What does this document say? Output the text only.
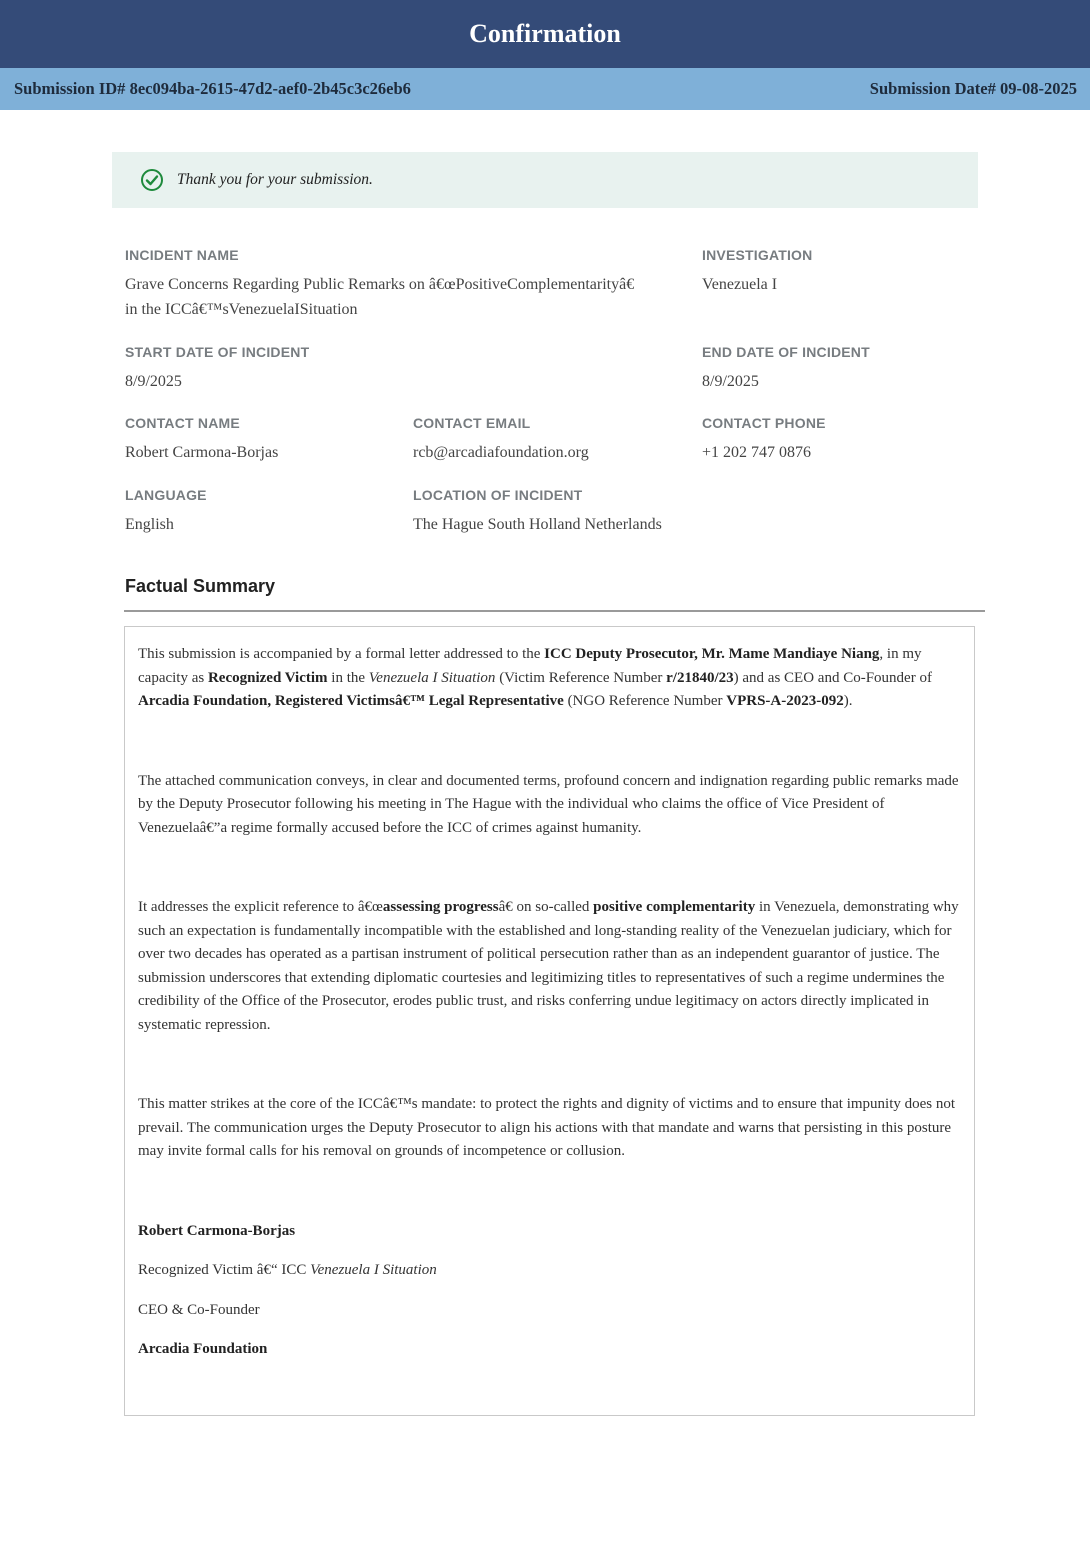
Confirmation
Submission ID# 8ec094ba-2615-47d2-aef0-2b45c3c26eb6	Submission Date# 09-08-2025
Thank you for your submission.
INCIDENT NAME
Grave Concerns Regarding Public Remarks on â€œPositiveComplementarityâ€
in the ICCâ€™sVenezuelaISituation
INVESTIGATION
Venezuela I
START DATE OF INCIDENT
8/9/2025
END DATE OF INCIDENT
8/9/2025
CONTACT NAME
Robert Carmona-Borjas
CONTACT EMAIL
rcb@arcadiafoundation.org
CONTACT PHONE
+1 202 747 0876
LANGUAGE
English
LOCATION OF INCIDENT
The Hague South Holland Netherlands
Factual Summary

This submission is accompanied by a formal letter addressed to the ICC Deputy Prosecutor, Mr. Mame Mandiaye Niang, in my capacity as Recognized Victim in the Venezuela I Situation (Victim Reference Number r/21840/23) and as CEO and Co-Founder of Arcadia Foundation, Registered Victimsâ€™ Legal Representative (NGO Reference Number VPRS-A-2023-092).

The attached communication conveys, in clear and documented terms, profound concern and indignation regarding public remarks made by the Deputy Prosecutor following his meeting in The Hague with the individual who claims the office of Vice President of Venezuelaâ€”a regime formally accused before the ICC of crimes against humanity.

It addresses the explicit reference to â€œassessing progressâ€ on so-called positive complementarity in Venezuela, demonstrating why such an expectation is fundamentally incompatible with the established and long-standing reality of the Venezuelan judiciary, which for over two decades has operated as a partisan instrument of political persecution rather than as an independent guarantor of justice. The submission underscores that extending diplomatic courtesies and legitimizing titles to representatives of such a regime undermines the credibility of the Office of the Prosecutor, erodes public trust, and risks conferring undue legitimacy on actors directly implicated in systematic repression.

This matter strikes at the core of the ICCâ€™s mandate: to protect the rights and dignity of victims and to ensure that impunity does not prevail. The communication urges the Deputy Prosecutor to align his actions with that mandate and warns that persisting in this posture may invite formal calls for his removal on grounds of incompetence or collusion.

Robert Carmona-Borjas

Recognized Victim â€“ ICC Venezuela I Situation

CEO & Co-Founder

Arcadia Foundation
